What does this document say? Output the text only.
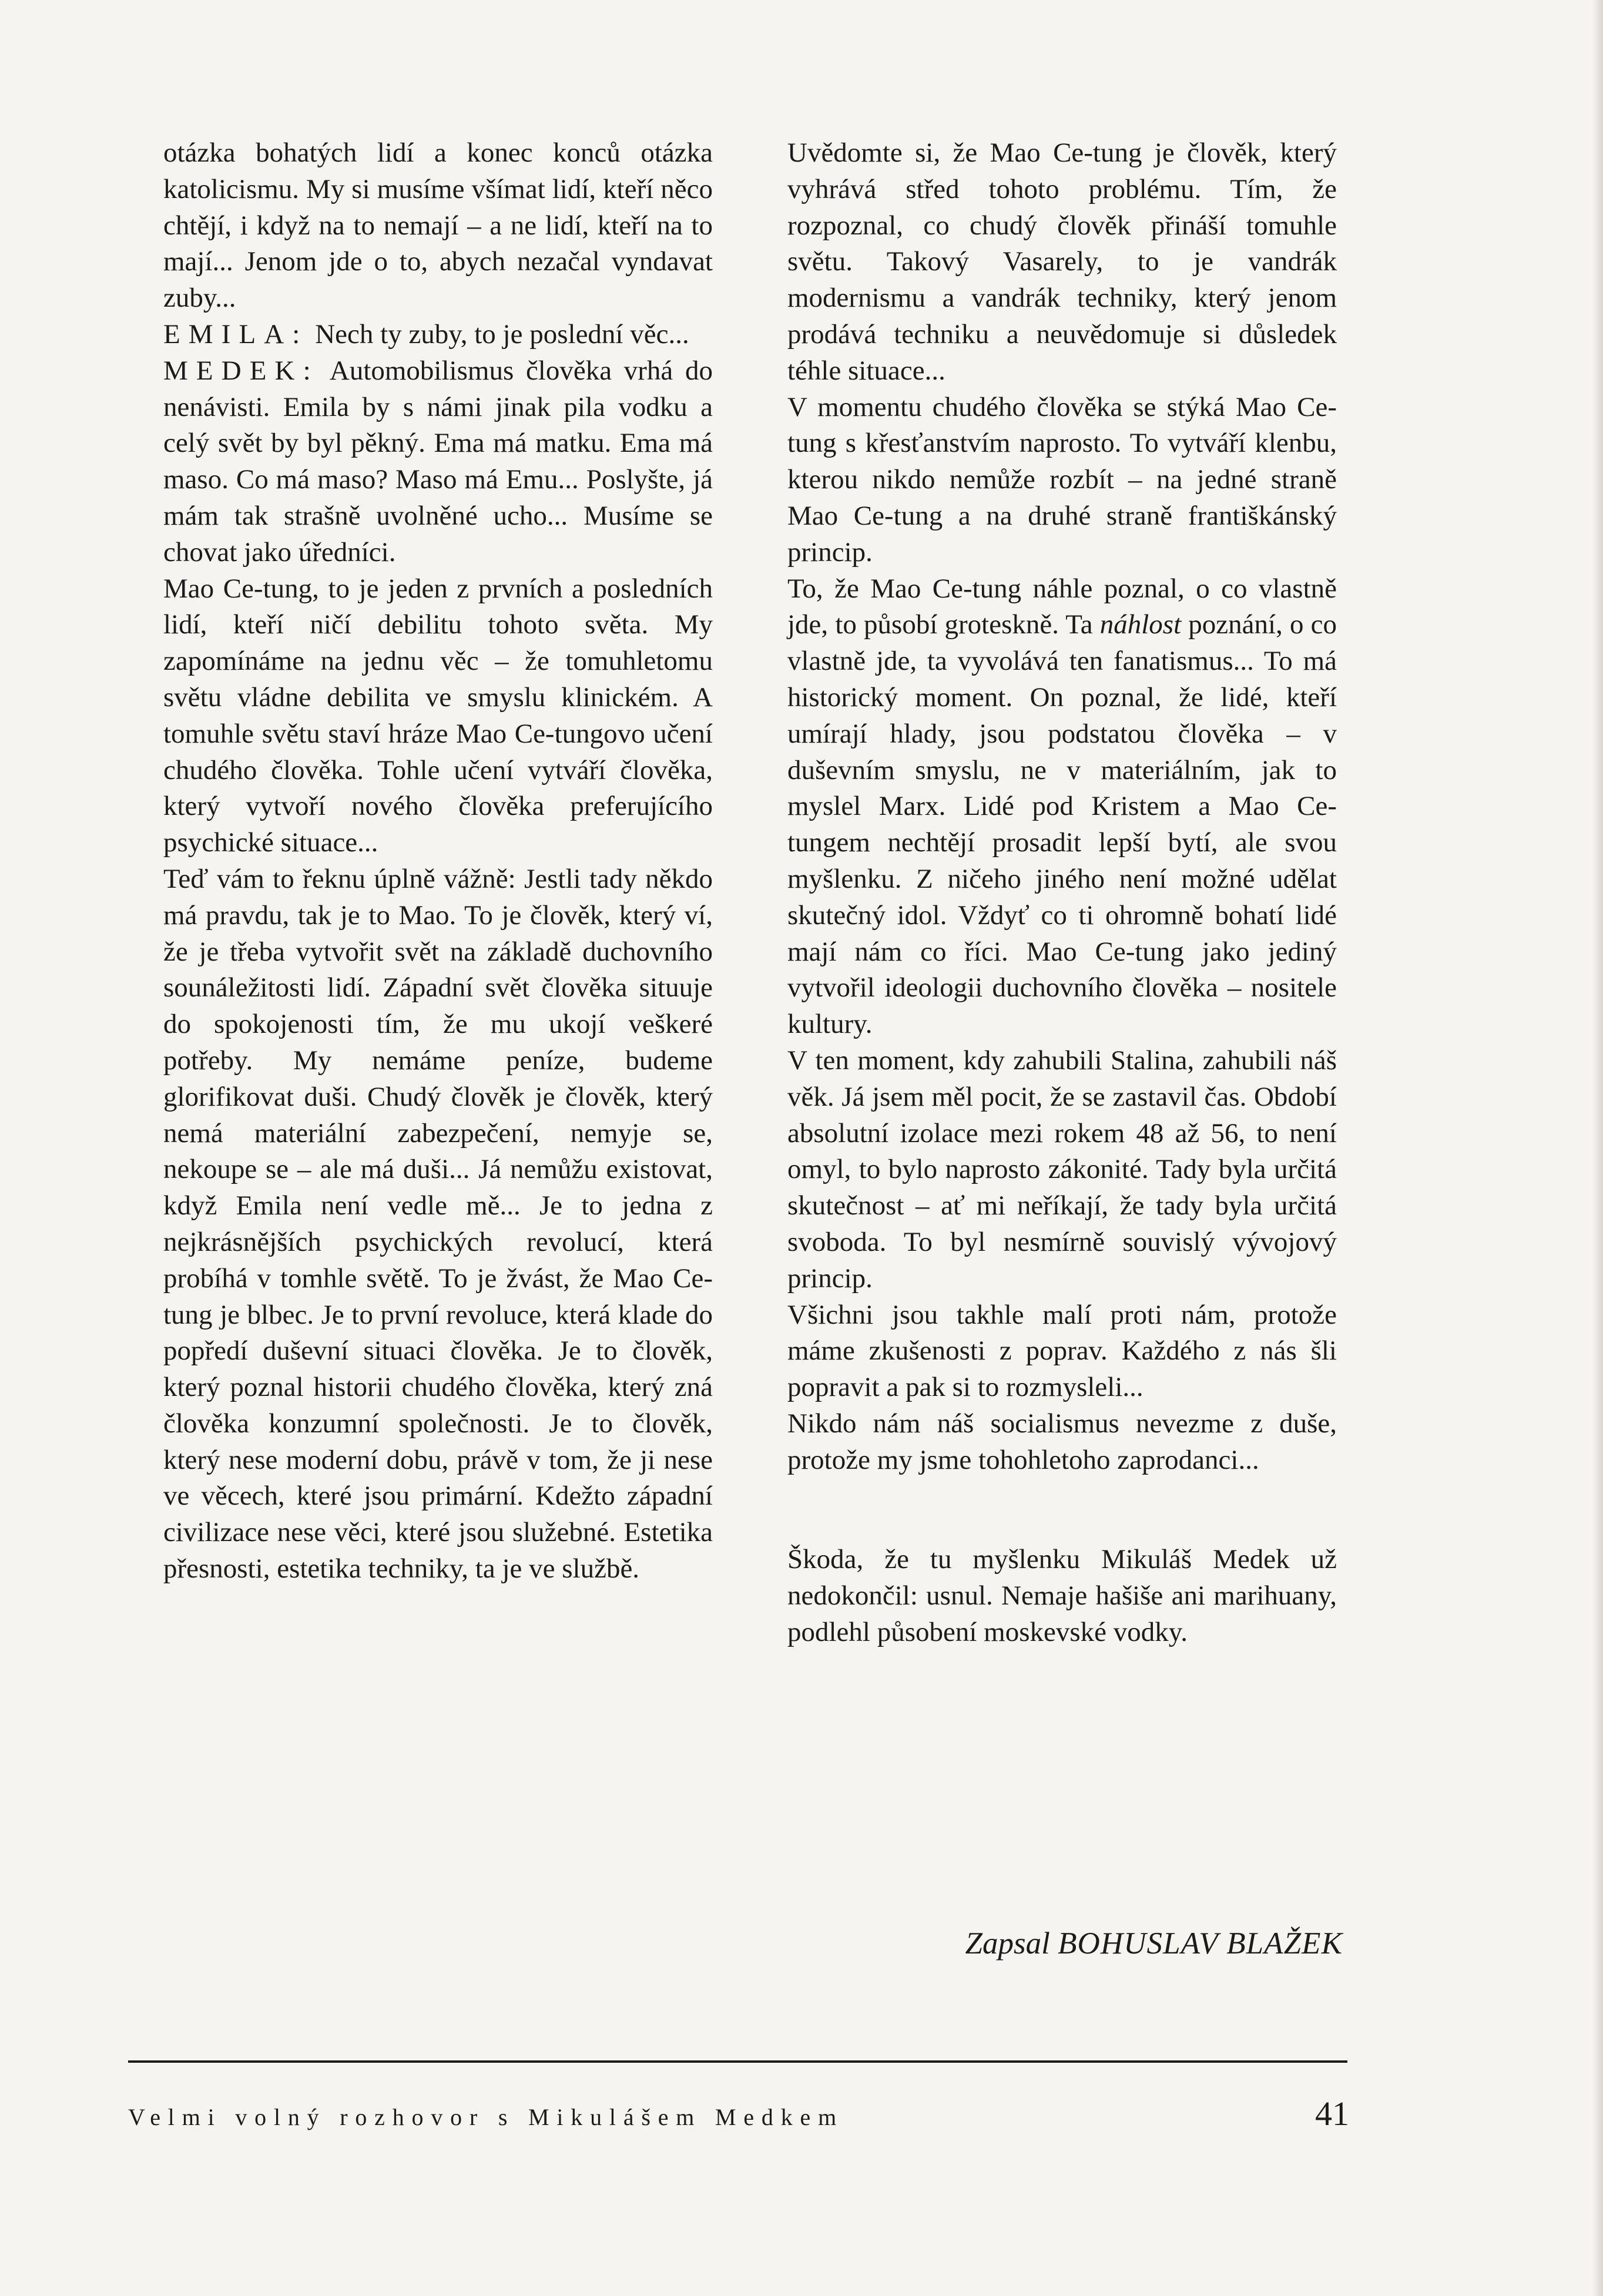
otázka bohatých lidí a konec konců otázka katolicismu. My si musíme všímat lidí, kteří něco chtějí, i když na to nemají – a ne lidí, kteří na to mají... Jenom jde o to, abych nezačal vyndavat zuby...

EMILA: Nech ty zuby, to je poslední věc...

MEDEK: Automobilismus člověka vrhá do nenávisti. Emila by s námi jinak pila vodku a celý svět by byl pěkný. Ema má matku. Ema má maso. Co má maso? Maso má Emu... Poslyšte, já mám tak strašně uvolněné ucho... Musíme se chovat jako úředníci.

Mao Ce-tung, to je jeden z prvních a posledních lidí, kteří ničí debilitu tohoto světa. My zapomínáme na jednu věc – že tomuhletomu světu vládne debilita ve smyslu klinickém. A tomuhle světu staví hráze Mao Ce-tungovo učení chudého člověka. Tohle učení vytváří člověka, který vytvoří nového člověka preferujícího psychické situace...

Teď vám to řeknu úplně vážně: Jestli tady někdo má pravdu, tak je to Mao. To je člověk, který ví, že je třeba vytvořit svět na základě duchovního sounáležitosti lidí. Západní svět člověka situuje do spokojenosti tím, že mu ukojí veškeré potřeby. My nemáme peníze, budeme glorifikovat duši. Chudý člověk je člověk, který nemá materiální zabezpečení, nemyje se, nekoupe se – ale má duši... Já nemůžu existovat, když Emila není vedle mě... Je to jedna z nejkrásnějších psychických revolucí, která probíhá v tomhle světě. To je žvást, že Mao Ce-tung je blbec. Je to první revoluce, která klade do popředí duševní situaci člověka. Je to člověk, který poznal historii chudého člověka, který zná člověka konzumní společnosti. Je to člověk, který nese moderní dobu, právě v tom, že ji nese ve věcech, které jsou primární. Kdežto západní civilizace nese věci, které jsou služebné. Estetika přesnosti, estetika techniky, ta je ve službě.

Uvědomte si, že Mao Ce-tung je člověk, který vyhrává střed tohoto problému. Tím, že rozpoznal, co chudý člověk přináší tomuhle světu. Takový Vasarely, to je vandrák modernismu a vandrák techniky, který jenom prodává techniku a neuvědomuje si důsledek téhle situace...

V momentu chudého člověka se stýká Mao Ce-tung s křesťanstvím naprosto. To vytváří klenbu, kterou nikdo nemůže rozbít – na jedné straně Mao Ce-tung a na druhé straně františkánský princip.

To, že Mao Ce-tung náhle poznal, o co vlastně jde, to působí groteskně. Ta náhlost poznání, o co vlastně jde, ta vyvolává ten fanatismus... To má historický moment. On poznal, že lidé, kteří umírají hlady, jsou podstatou člověka – v duševním smyslu, ne v materiálním, jak to myslel Marx. Lidé pod Kristem a Mao Ce-tungem nechtějí prosadit lepší bytí, ale svou myšlenku. Z ničeho jiného není možné udělat skutečný idol. Vždyť co ti ohromně bohatí lidé mají nám co říci. Mao Ce-tung jako jediný vytvořil ideologii duchovního člověka – nositele kultury.

V ten moment, kdy zahubili Stalina, zahubili náš věk. Já jsem měl pocit, že se zastavil čas. Období absolutní izolace mezi rokem 48 až 56, to není omyl, to bylo naprosto zákonité. Tady byla určitá skutečnost – ať mi neříkají, že tady byla určitá svoboda. To byl nesmírně souvislý vývojový princip.

Všichni jsou takhle malí proti nám, protože máme zkušenosti z poprav. Každého z nás šli popravit a pak si to rozmysleli...

Nikdo nám náš socialismus nevezme z duše, protože my jsme tohohletoho zaprodanci...

Škoda, že tu myšlenku Mikuláš Medek už nedokončil: usnul. Nemaje hašiše ani marihuany, podlehl působení moskevské vodky.

Zapsal BOHUSLAV BLAŽEK
Velmi volný rozhovor s Mikulášem Medkem	41
